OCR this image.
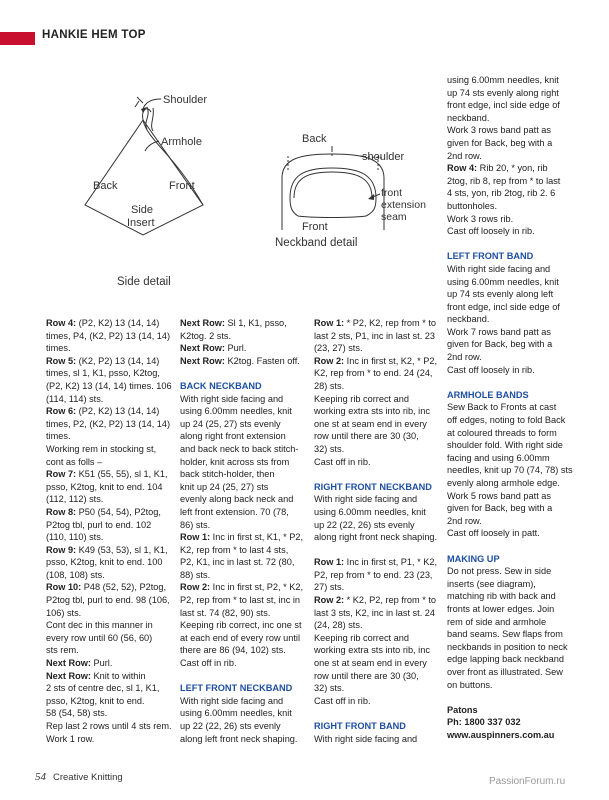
HANKIE HEM TOP
Shoulder
Armhole
Back	Front
Side
Insert
Side detail
Back
shoulder
front
extension
seam
Front
Neckband detail

Row 4: (P2, K2) 13 (14, 14)

times, P4, (K2, P2) 13 (14, 14)

times.

Row 5: (K2, P2) 13 (14, 14)

times, sl 1, K1, psso, K2tog,

(P2, K2) 13 (14, 14) times. 106

(114, 114) sts.

Row 6: (P2, K2) 13 (14, 14)

times, P2, (K2, P2) 13 (14, 14)

times.

Working rem in stocking st,

cont as folls –

Row 7: K51 (55, 55), sl 1, K1,

psso, K2tog, knit to end. 104

(112, 112) sts.

Row 8: P50 (54, 54), P2tog,

P2tog tbl, purl to end. 102

(110, 110) sts.

Row 9: K49 (53, 53), sl 1, K1,

psso, K2tog, knit to end. 100

(108, 108) sts.

Row 10: P48 (52, 52), P2tog,

P2tog tbl, purl to end. 98 (106,

106) sts.

Cont dec in this manner in

every row until 60 (56, 60)

sts rem.

Next Row: Purl.

Next Row: Knit to within

2 sts of centre dec, sl 1, K1,

psso, K2tog, knit to end.

58 (54, 58) sts.

Rep last 2 rows until 4 sts rem.

Work 1 row.

Next Row: Sl 1, K1, psso,

K2tog. 2 sts.

Next Row: Purl.

Next Row: K2tog. Fasten off.

BACK NECKBAND

With right side facing and

using 6.00mm needles, knit

up 24 (25, 27) sts evenly

along right front extension

and back neck to back stitch-

holder, knit across sts from

back stitch-holder, then

knit up 24 (25, 27) sts

evenly along back neck and

left front extension. 70 (78,

86) sts.

Row 1: Inc in first st, K1, * P2,

K2, rep from * to last 4 sts,

P2, K1, inc in last st. 72 (80,

88) sts.

Row 2: Inc in first st, P2, * K2,

P2, rep from * to last st, inc in

last st. 74 (82, 90) sts.

Keeping rib correct, inc one st

at each end of every row until

there are 86 (94, 102) sts.

Cast off in rib.

LEFT FRONT NECKBAND

With right side facing and

using 6.00mm needles, knit

up 22 (22, 26) sts evenly

along left front neck shaping.

Row 1: * P2, K2, rep from * to

last 2 sts, P1, inc in last st. 23

(23, 27) sts.

Row 2: Inc in first st, K2, * P2,

K2, rep from * to end. 24 (24,

28) sts.

Keeping rib correct and

working extra sts into rib, inc

one st at seam end in every

row until there are 30 (30,

32) sts.

Cast off in rib.

RIGHT FRONT NECKBAND

With right side facing and

using 6.00mm needles, knit

up 22 (22, 26) sts evenly

along right front neck shaping.

Row 1: Inc in first st, P1, * K2,

P2, rep from * to end. 23 (23,

27) sts.

Row 2: * K2, P2, rep from * to

last 3 sts, K2, inc in last st. 24

(24, 28) sts.

Keeping rib correct and

working extra sts into rib, inc

one st at seam end in every

row until there are 30 (30,

32) sts.

Cast off in rib.

RIGHT FRONT BAND

With right side facing and

using 6.00mm needles, knit

up 74 sts evenly along right

front edge, incl side edge of

neckband.

Work 3 rows band patt as

given for Back, beg with a

2nd row.

Row 4: Rib 20, * yon, rib

2tog, rib 8, rep from * to last

4 sts, yon, rib 2tog, rib 2. 6

buttonholes.

Work 3 rows rib.

Cast off loosely in rib.

LEFT FRONT BAND

With right side facing and

using 6.00mm needles, knit

up 74 sts evenly along left

front edge, incl side edge of

neckband.

Work 7 rows band patt as

given for Back, beg with a

2nd row.

Cast off loosely in rib.

ARMHOLE BANDS

Sew Back to Fronts at cast

off edges, noting to fold Back

at coloured threads to form

shoulder fold. With right side

facing and using 6.00mm

needles, knit up 70 (74, 78) sts

evenly along armhole edge.

Work 5 rows band patt as

given for Back, beg with a

2nd row.

Cast off loosely in patt.

MAKING UP

Do not press. Sew in side

inserts (see diagram),

matching rib with back and

fronts at lower edges. Join

rem of side and armhole

band seams. Sew flaps from

neckbands in position to neck

edge lapping back neckband

over front as illustrated. Sew

on buttons.

Patons

Ph: 1800 337 032

www.auspinners.com.au

54 Creative Knitting	PassionForum.ru
